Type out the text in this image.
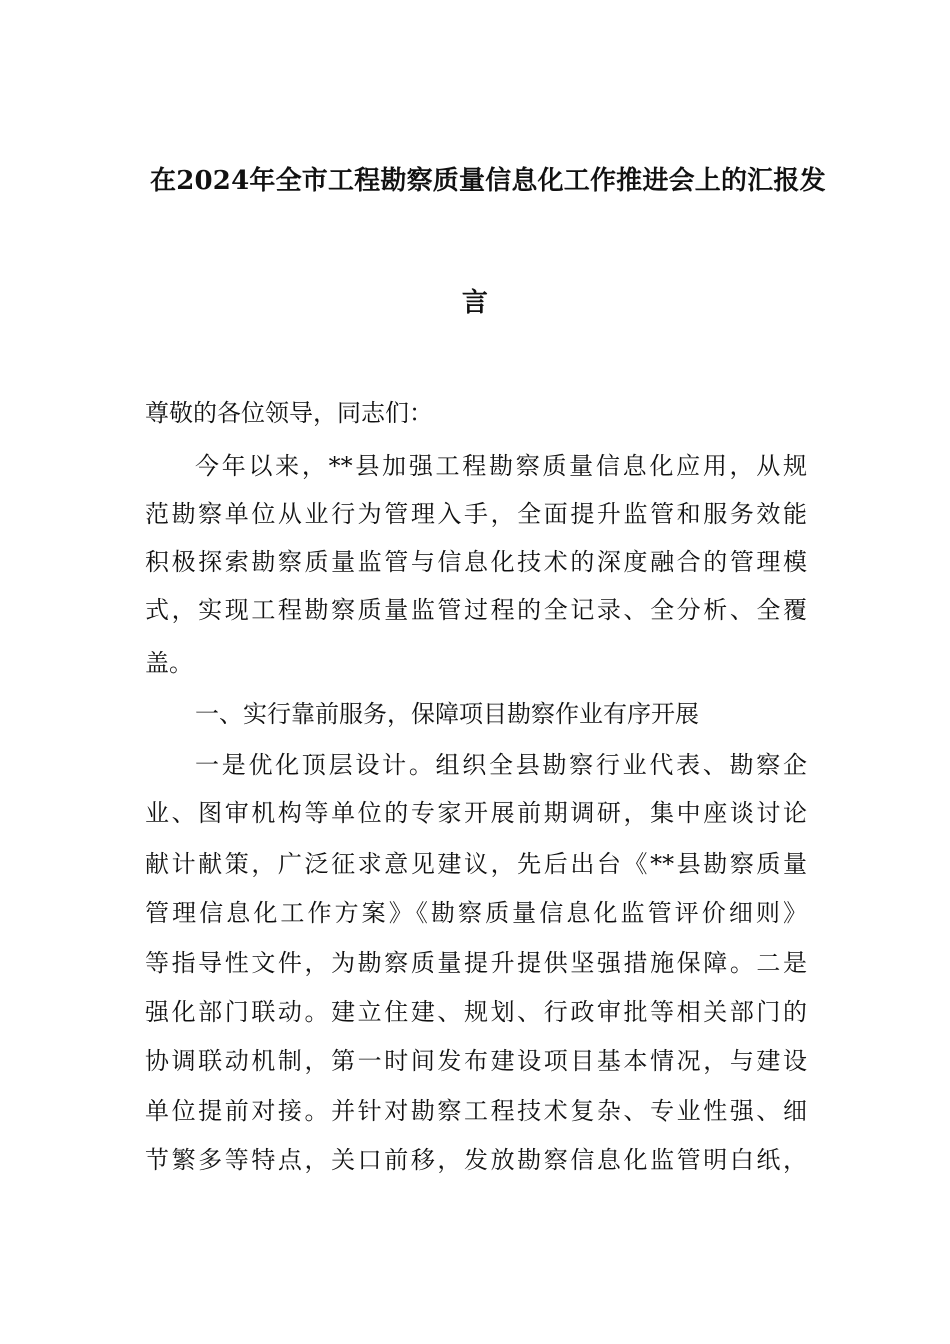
在2024年全市工程勘察质量信息化工作推进会上的汇报发
言
尊敬的各位领导，同志们：
今年以来，**县加强工程勘察质量信息化应用，从规
范勘察单位从业行为管理入手，全面提升监管和服务效能
积极探索勘察质量监管与信息化技术的深度融合的管理模
式，实现工程勘察质量监管过程的全记录、全分析、全覆
盖。
一、实行靠前服务，保障项目勘察作业有序开展
一是优化顶层设计。组织全县勘察行业代表、勘察企
业、图审机构等单位的专家开展前期调研，集中座谈讨论
献计献策，广泛征求意见建议，先后出台《**县勘察质量
管理信息化工作方案》《勘察质量信息化监管评价细则》
等指导性文件，为勘察质量提升提供坚强措施保障。二是
强化部门联动。建立住建、规划、行政审批等相关部门的
协调联动机制，第一时间发布建设项目基本情况，与建设
单位提前对接。并针对勘察工程技术复杂、专业性强、细
节繁多等特点，关口前移，发放勘察信息化监管明白纸，
